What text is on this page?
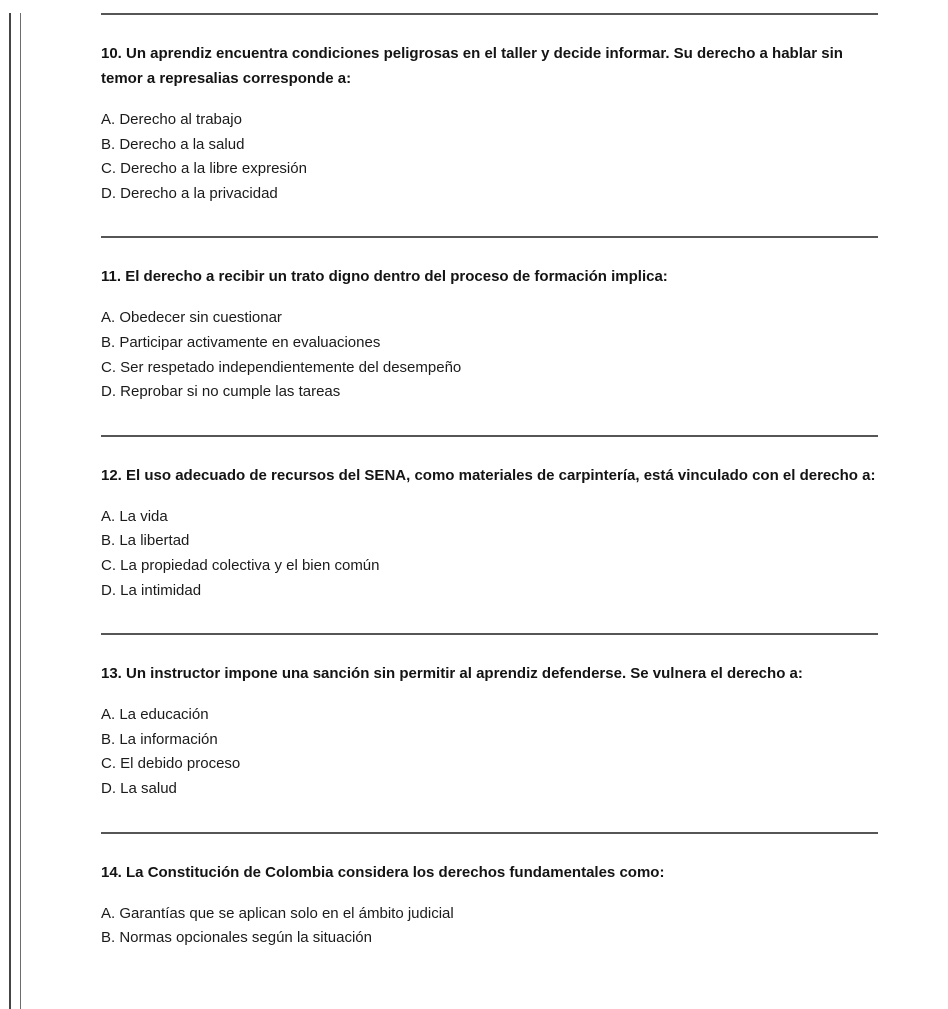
10. Un aprendiz encuentra condiciones peligrosas en el taller y decide informar. Su derecho a hablar sin temor a represalias corresponde a:

A. Derecho al trabajo

B. Derecho a la salud

C. Derecho a la libre expresión

D. Derecho a la privacidad

11. El derecho a recibir un trato digno dentro del proceso de formación implica:

A. Obedecer sin cuestionar

B. Participar activamente en evaluaciones

C. Ser respetado independientemente del desempeño

D. Reprobar si no cumple las tareas

12. El uso adecuado de recursos del SENA, como materiales de carpintería, está vinculado con el derecho a:

A. La vida

B. La libertad

C. La propiedad colectiva y el bien común

D. La intimidad

13. Un instructor impone una sanción sin permitir al aprendiz defenderse. Se vulnera el derecho a:

A. La educación

B. La información

C. El debido proceso

D. La salud

14. La Constitución de Colombia considera los derechos fundamentales como:

A. Garantías que se aplican solo en el ámbito judicial

B. Normas opcionales según la situación
